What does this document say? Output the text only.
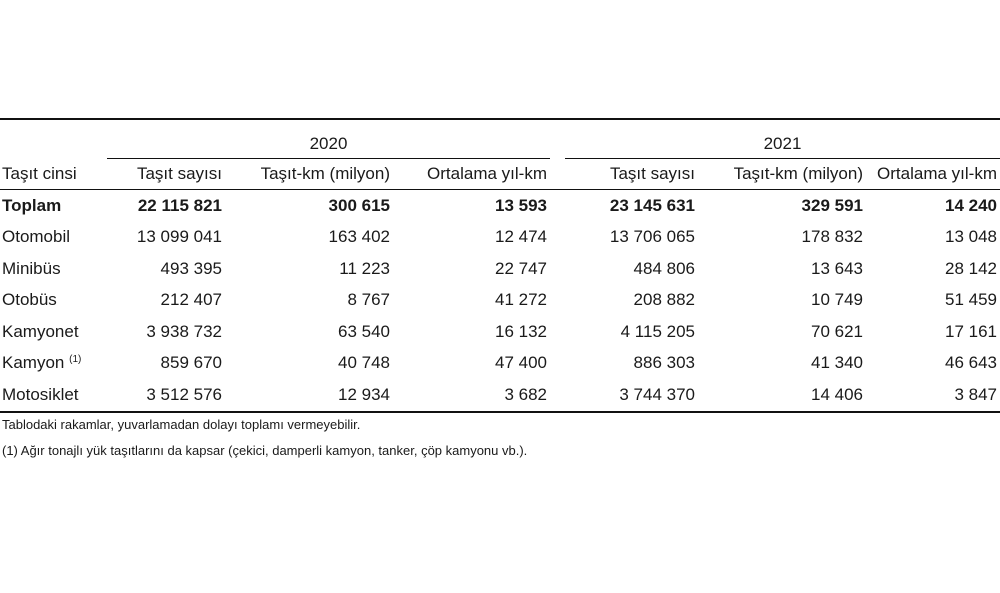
	2020				2021		
Taşıt cinsi	Taşıt sayısı	Taşıt-km (milyon)	Ortalama yıl-km		Taşıt sayısı	Taşıt-km (milyon)	Ortalama yıl-km
Toplam	22 115 821	300 615	13 593		23 145 631	329 591	14 240
Otomobil	13 099 041	163 402	12 474		13 706 065	178 832	13 048
Minibüs	493 395	11 223	22 747		484 806	13 643	28 142
Otobüs	212 407	8 767	41 272		208 882	10 749	51 459
Kamyonet	3 938 732	63 540	16 132		4 115 205	70 621	17 161
Kamyon $^{(1)}$	859 670	40 748	47 400		886 303	41 340	46 643
Motosiklet	3 512 576	12 934	3 682		3 744 370	14 406	3 847
Tablodaki rakamlar, yuvarlamadan dolayı toplamı vermeyebilir.
(1) Ağır tonajlı yük taşıtlarını da kapsar (çekici, damperli kamyon, tanker, çöp kamyonu vb.).
